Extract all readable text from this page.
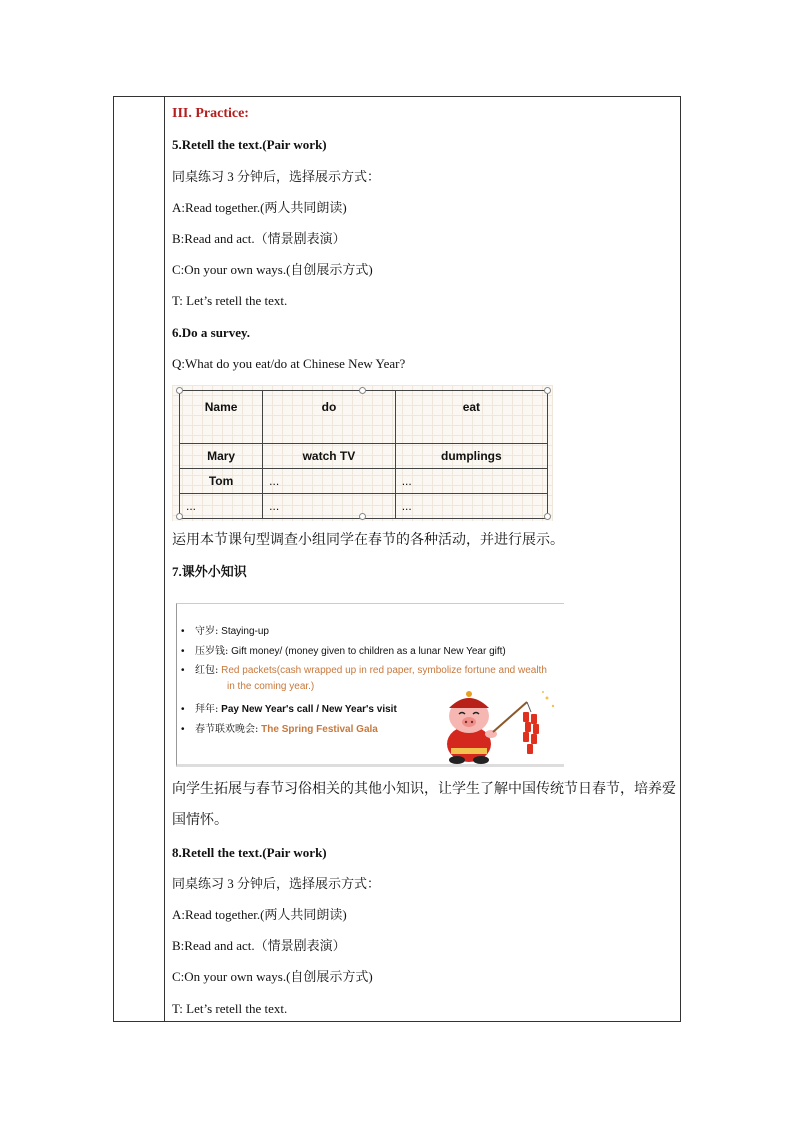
III. Practice:
5.Retell the text.(Pair work)
同桌练习 3 分钟后，选择展示方式：
A:Read together.(两人共同朗读)
B:Read and act.（情景剧表演）
C:On your own ways.(自创展示方式)
T: Let’s retell the text.
6.Do a survey.
Q:What do you eat/do at Chinese New Year?
Name	do	eat
Mary	watch TV	dumplings
Tom	...	...
...	...	...
运用本节课句型调查小组同学在春节的各种活动，并进行展示。
7.课外小知识
• 守岁: Staying-up
• 压岁钱: Gift money/ (money given to children as a lunar New Year gift)
• 红包: Red packets(cash wrapped up in red paper, symbolize fortune and wealth
in the coming year.)
• 拜年: Pay New Year's call / New Year's visit
• 春节联欢晚会: The Spring Festival Gala
向学生拓展与春节习俗相关的其他小知识，让学生了解中国传统节日春节，培养爱国情怀。
8.Retell the text.(Pair work)
同桌练习 3 分钟后，选择展示方式：
A:Read together.(两人共同朗读)
B:Read and act.（情景剧表演）
C:On your own ways.(自创展示方式)
T: Let’s retell the text.
